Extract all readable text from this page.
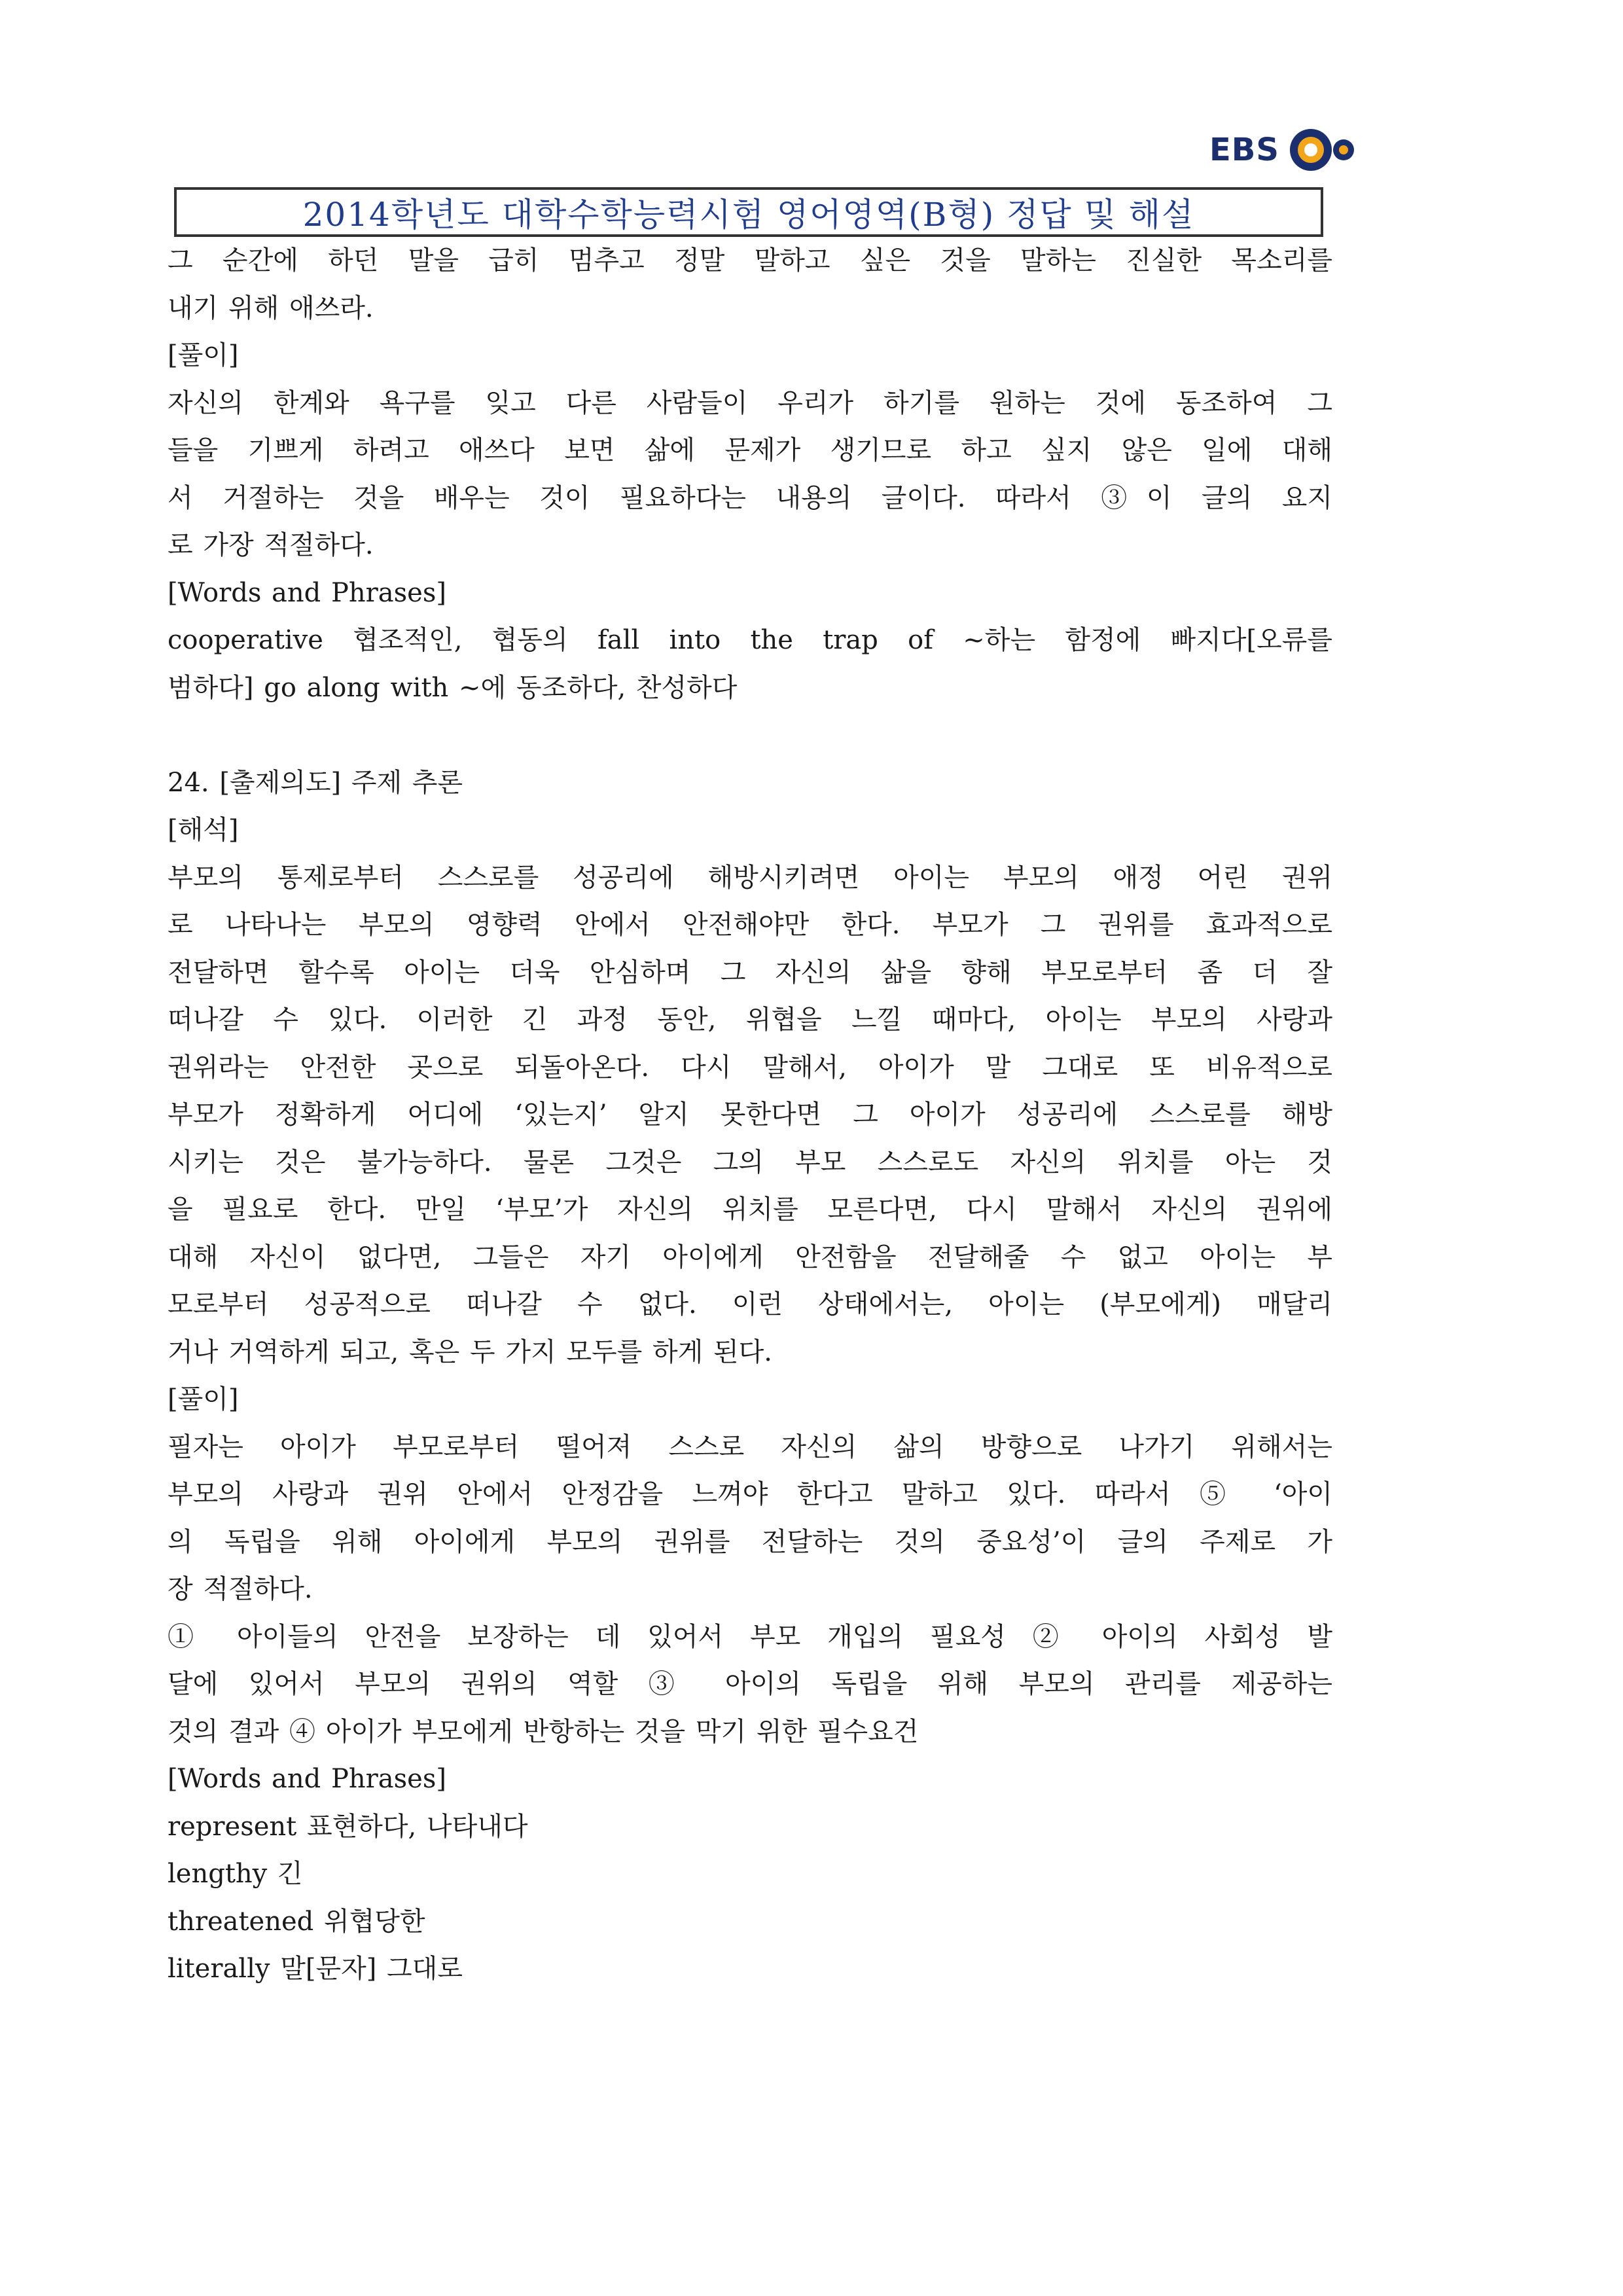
EBS
2014학년도 대학수학능력시험 영어영역(B형) 정답 및 해설
그 순간에 하던 말을 급히 멈추고 정말 말하고 싶은 것을 말하는 진실한 목소리를
내기 위해 애쓰라.
[풀이]
자신의 한계와 욕구를 잊고 다른 사람들이 우리가 하기를 원하는 것에 동조하여 그
들을 기쁘게 하려고 애쓰다 보면 삶에 문제가 생기므로 하고 싶지 않은 일에 대해
서 거절하는 것을 배우는 것이 필요하다는 내용의 글이다. 따라서 ③이 글의 요지
로 가장 적절하다.
[Words and Phrases]
cooperative 협조적인, 협동의 fall into the trap of ~하는 함정에 빠지다[오류를
범하다] go along with ~에 동조하다, 찬성하다
24. [출제의도] 주제 추론
[해석]
부모의 통제로부터 스스로를 성공리에 해방시키려면 아이는 부모의 애정 어린 권위
로 나타나는 부모의 영향력 안에서 안전해야만 한다. 부모가 그 권위를 효과적으로
전달하면 할수록 아이는 더욱 안심하며 그 자신의 삶을 향해 부모로부터 좀 더 잘
떠나갈 수 있다. 이러한 긴 과정 동안, 위협을 느낄 때마다, 아이는 부모의 사랑과
권위라는 안전한 곳으로 되돌아온다. 다시 말해서, 아이가 말 그대로 또 비유적으로
부모가 정확하게 어디에 ‘있는지’ 알지 못한다면 그 아이가 성공리에 스스로를 해방
시키는 것은 불가능하다. 물론 그것은 그의 부모 스스로도 자신의 위치를 아는 것
을 필요로 한다. 만일 ‘부모’가 자신의 위치를 모른다면, 다시 말해서 자신의 권위에
대해 자신이 없다면, 그들은 자기 아이에게 안전함을 전달해줄 수 없고 아이는 부
모로부터 성공적으로 떠나갈 수 없다. 이런 상태에서는, 아이는 (부모에게) 매달리
거나 거역하게 되고, 혹은 두 가지 모두를 하게 된다.
[풀이]
필자는 아이가 부모로부터 떨어져 스스로 자신의 삶의 방향으로 나가기 위해서는
부모의 사랑과 권위 안에서 안정감을 느껴야 한다고 말하고 있다. 따라서 ⑤ ‘아이
의 독립을 위해 아이에게 부모의 권위를 전달하는 것의 중요성’이 글의 주제로 가
장 적절하다.
① 아이들의 안전을 보장하는 데 있어서 부모 개입의 필요성 ② 아이의 사회성 발
달에 있어서 부모의 권위의 역할 ③ 아이의 독립을 위해 부모의 관리를 제공하는
것의 결과 ④ 아이가 부모에게 반항하는 것을 막기 위한 필수요건
[Words and Phrases]
represent 표현하다, 나타내다
lengthy 긴
threatened 위협당한
literally 말[문자] 그대로
